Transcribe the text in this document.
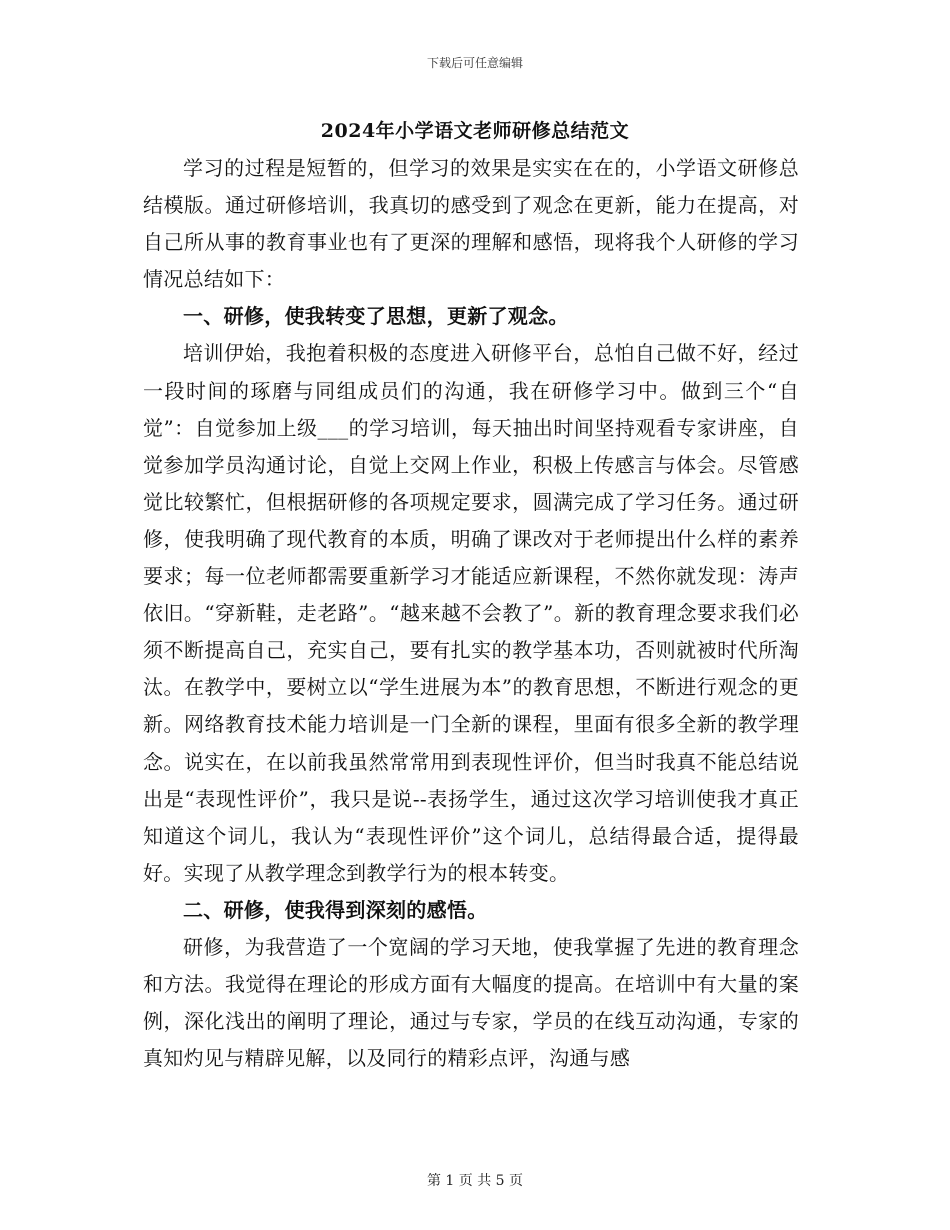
下载后可任意编辑
2024年小学语文老师研修总结范文

学习的过程是短暂的，但学习的效果是实实在在的，小学语文研修总结模版。通过研修培训，我真切的感受到了观念在更新，能力在提高，对自己所从事的教育事业也有了更深的理解和感悟，现将我个人研修的学习情况总结如下：

一、研修，使我转变了思想，更新了观念。

培训伊始，我抱着积极的态度进入研修平台，总怕自己做不好，经过一段时间的琢磨与同组成员们的沟通，我在研修学习中。做到三个“自觉”：自觉参加上级___的学习培训，每天抽出时间坚持观看专家讲座，自觉参加学员沟通讨论，自觉上交网上作业，积极上传感言与体会。尽管感觉比较繁忙，但根据研修的各项规定要求，圆满完成了学习任务。通过研修，使我明确了现代教育的本质，明确了课改对于老师提出什么样的素养要求；每一位老师都需要重新学习才能适应新课程，不然你就发现：涛声依旧。“穿新鞋，走老路”。“越来越不会教了”。新的教育理念要求我们必须不断提高自己，充实自己，要有扎实的教学基本功，否则就被时代所淘汰。在教学中，要树立以“学生进展为本”的教育思想，不断进行观念的更新。网络教育技术能力培训是一门全新的课程，里面有很多全新的教学理念。说实在，在以前我虽然常常用到表现性评价，但当时我真不能总结说出是“表现性评价”，我只是说--表扬学生，通过这次学习培训使我才真正知道这个词儿，我认为“表现性评价”这个词儿，总结得最合适，提得最好。实现了从教学理念到教学行为的根本转变。

二、研修，使我得到深刻的感悟。

研修，为我营造了一个宽阔的学习天地，使我掌握了先进的教育理念和方法。我觉得在理论的形成方面有大幅度的提高。在培训中有大量的案例，深化浅出的阐明了理论，通过与专家，学员的在线互动沟通，专家的真知灼见与精辟见解，以及同行的精彩点评，沟通与感

第 1 页 共 5 页
